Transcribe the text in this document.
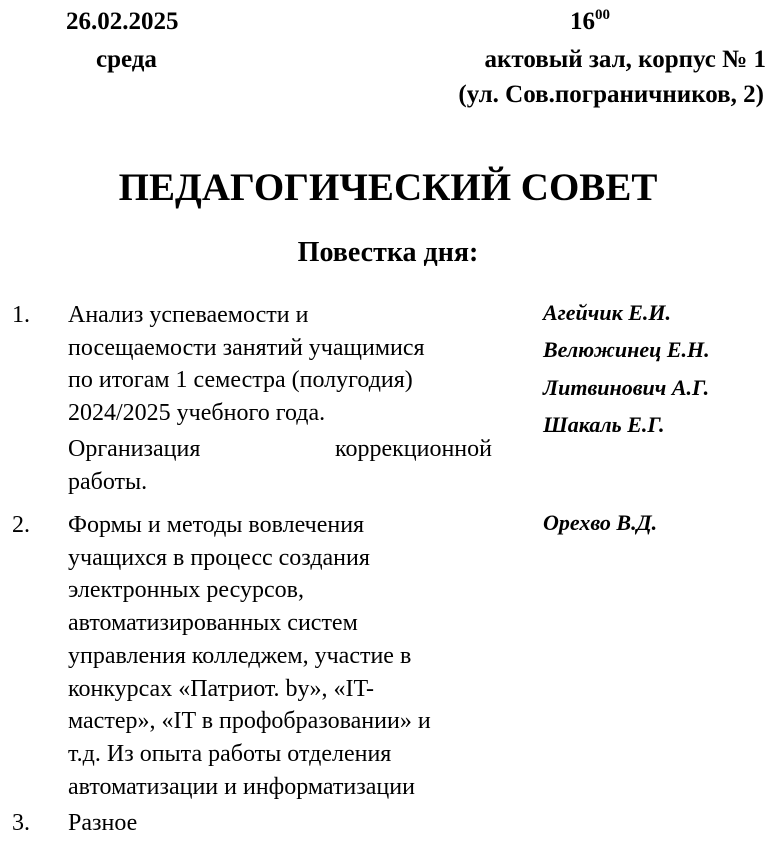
26.02.2025
среда
$16^{00}$
актовый зал, корпус № 1
(ул. Сов.пограничников, 2)
ПЕДАГОГИЧЕСКИЙ СОВЕТ
Повестка дня:
1. Анализ успеваемости и
посещаемости занятий учащимися
по итогам 1 семестра (полугодия)
2024/2025 учебного года.
Организация коррекционной
работы.
Агейчик Е.И.
Велюжинец Е.Н.
Литвинович А.Г.
Шакаль Е.Г.
2. Формы и методы вовлечения
учащихся в процесс создания
электронных ресурсов,
автоматизированных систем
управления колледжем, участие в
конкурсах «Патриот. by», «IT-
мастер», «IT в профобразовании» и
т.д. Из опыта работы отделения
автоматизации и информатизации
Орехво В.Д.
3. Разное
